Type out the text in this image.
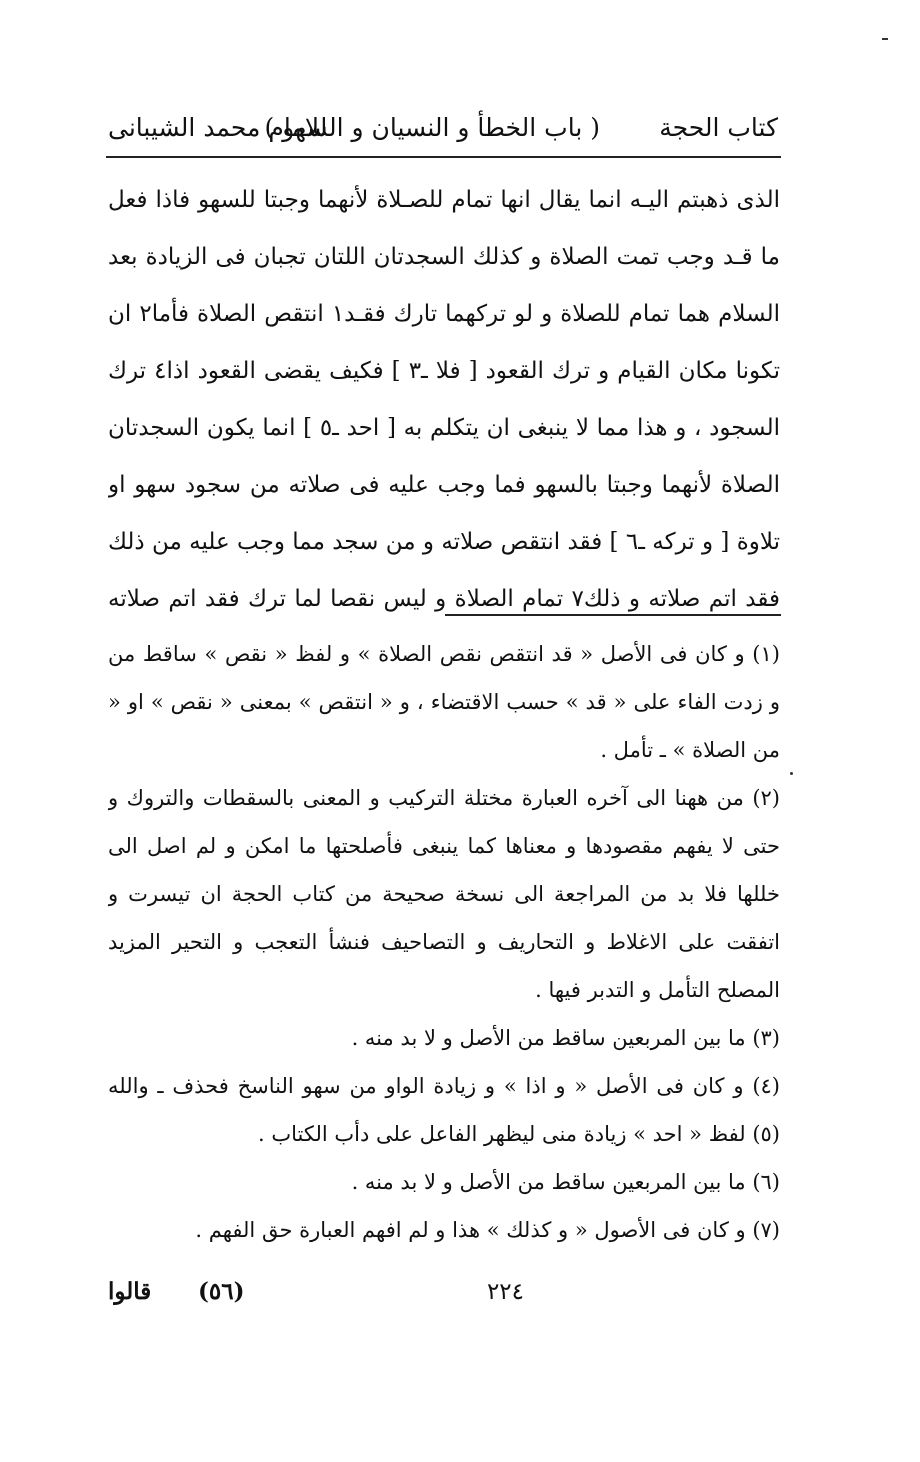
كتاب الحجة
( باب الخطأ و النسيان و السهو )
للامام محمد الشيبانى
الذى ذهبتم اليـه انما يقال انها تمام للصـلاة لأنهما وجبتا للسهو فاذا فعل
ما قـد وجب تمت الصلاة و كذلك السجدتان اللتان تجبان فى الزيادة بعد
السلام هما تمام للصلاة و لو تركهما تارك فقـد١ انتقص الصلاة فأما٢ ان
تكونا مكان القيام و ترك القعود [ فلا ـ٣ ] فكيف يقضى القعود اذا٤ ترك
السجود ، و هذا مما لا ينبغى ان يتكلم به [ احد ـ٥ ] انما يكون السجدتان
الصلاة لأنهما وجبتا بالسهو فما وجب عليه فى صلاته من سجود سهو او
تلاوة [ و تركه ـ٦ ] فقد انتقص صلاته و من سجد مما وجب عليه من ذلك
فقد اتم صلاته و ذلك٧ تمام الصلاة و ليس نقصا لما ترك فقد اتم صلاته
(١) و كان فى الأصل « قد انتقص نقص الصلاة » و لفظ « نقص » ساقط من
و زدت الفاء على « قد » حسب الاقتضاء ، و « انتقص » بمعنى « نقص » او «
من الصلاة » ـ تأمل .
(٢) من ههنا الى آخره العبارة مختلة التركيب و المعنى بالسقطات والتروك و
حتى لا يفهم مقصودها و معناها كما ينبغى فأصلحتها ما امكن و لم اصل الى
خللها فلا بد من المراجعة الى نسخة صحيحة من كتاب الحجة ان تيسرت و
اتفقت على الاغلاط و التحاريف و التصاحيف فنشأ التعجب و التحير المزيد
المصلح التأمل و التدبر فيها .
(٣) ما بين المربعين ساقط من الأصل و لا بد منه .
(٤) و كان فى الأصل « و اذا » و زيادة الواو من سهو الناسخ فحذف ـ والله
(٥) لفظ « احد » زيادة منى ليظهر الفاعل على دأب الكتاب .
(٦) ما بين المربعين ساقط من الأصل و لا بد منه .
(٧) و كان فى الأصول « و كذلك » هذا و لم افهم العبارة حق الفهم .
٢٢٤
(٥٦)
قالوا
